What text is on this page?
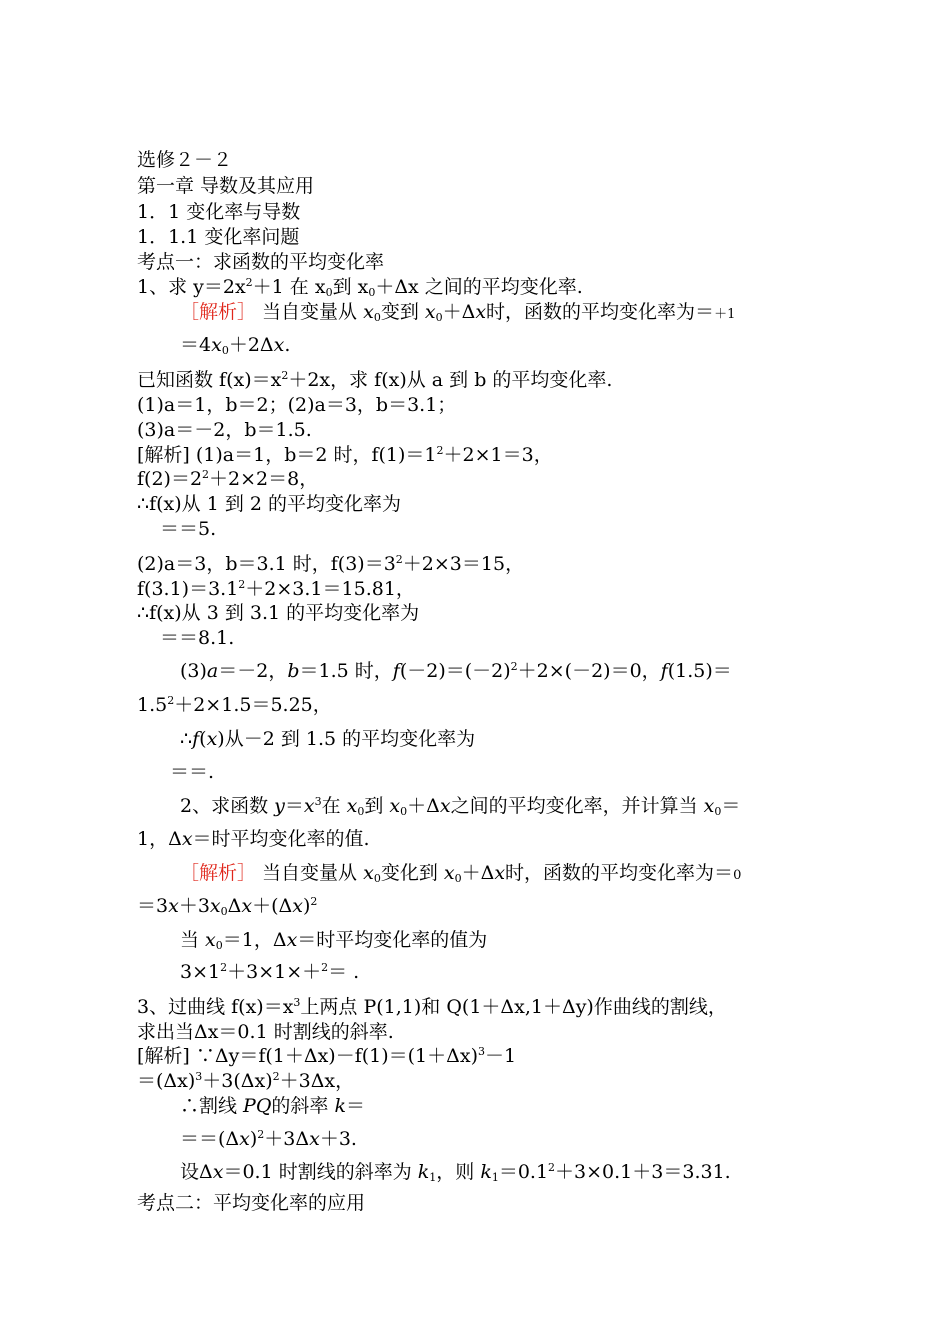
选修２－２
第一章 导数及其应用
1．1 变化率与导数
1．1.1 变化率问题
考点一：求函数的平均变化率
1、求 $y=2x^2+1$ 在 $x_0$到 $x_0+\Delta x$ 之间的平均变化率.
［解析］ 当自变量从 $x_0$变到 $x_0+\Delta x$时，函数的平均变化率为＝＋1
$=4x_0+2\Delta x$.
已知函数 $f(x)=x^2+2x$，求 f(x)从 a 到 b 的平均变化率.
(1)a＝1，b＝2；(2)a＝3，b＝3.1；
(3)a＝－2，b＝1.5.
[解析] (1)a＝1，b＝2 时，$f(1)=1^2+2\times 1=3$，
$f(2)=2^2+2\times 2=8$，
∴f(x)从 1 到 2 的平均变化率为
＝＝5.
(2)a＝3，b＝3.1 时，$f(3)=3^2+2\times 3=15$，
$f(3.1)=3.1^2+2\times 3.1=15.81$，
∴f(x)从 3 到 3.1 的平均变化率为
＝＝8.1.
(3)a＝－2，b＝1.5 时，$f(-2)=(-2)^2+2\times(-2)=0$，f(1.5)＝
$1.5^2+2\times 1.5=5.25$，
∴f(x)从－2 到 1.5 的平均变化率为
＝＝.
2、求函数 $y=x^3$在 $x_0$到 $x_0+\Delta x$之间的平均变化率，并计算当 $x_0=$
1，Δx＝时平均变化率的值.
［解析］ 当自变量从 $x_0$变化到 $x_0+\Delta x$时，函数的平均变化率为＝0
$=3x+3x_0\Delta x+(\Delta x)^2$
当 $x_0=1$，Δx＝时平均变化率的值为
$3\times 1^2+3\times 1\times+^2=$ .
3、过曲线 $f(x)=x^3$上两点 P(1,1)和 Q(1＋Δx,1＋Δy)作曲线的割线，
求出当Δx＝0.1 时割线的斜率.
[解析] $\because\Delta y=f(1+\Delta x)-f(1)=(1+\Delta x)^3-1$
$=(\Delta x)^3+3(\Delta x)^2+3\Delta x$，
∴割线 PQ的斜率 k＝
$==(\Delta x)^2+3\Delta x+3$.
设Δx＝0.1 时割线的斜率为 $k_1$，则 $k_1=0.1^2+3\times 0.1+3=3.31$.
考点二：平均变化率的应用
